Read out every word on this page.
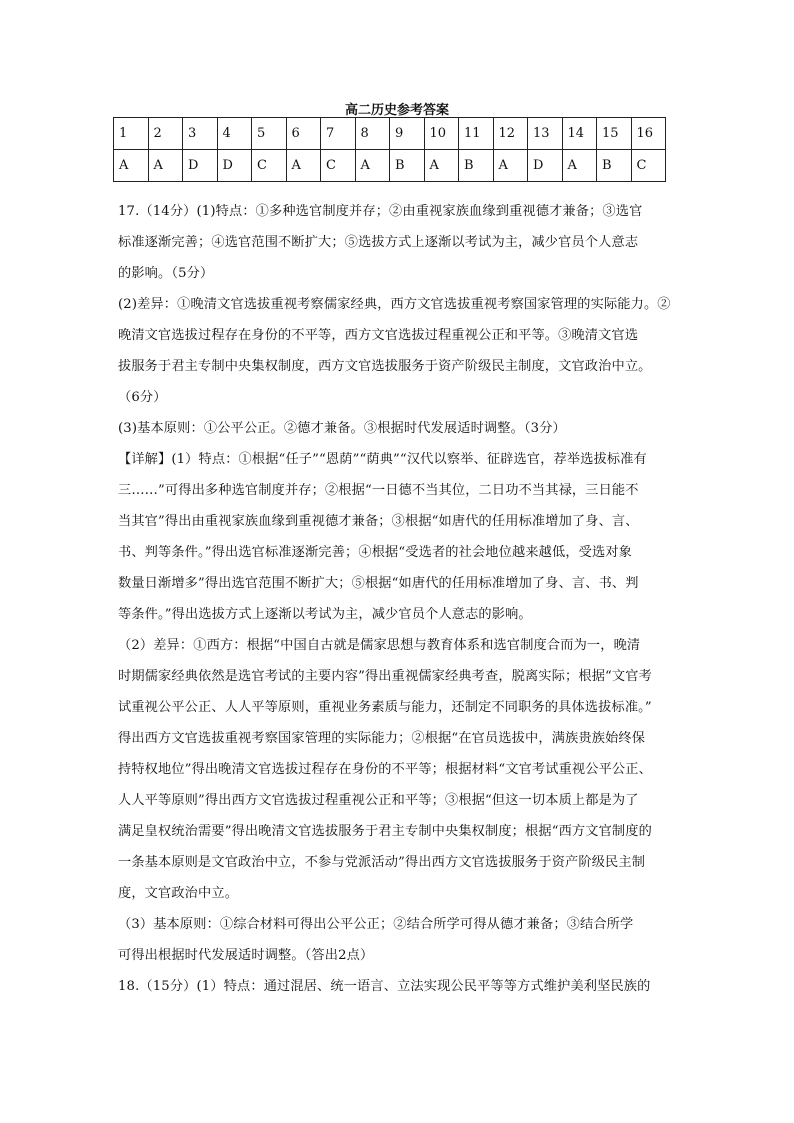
高二历史参考答案
1	2	3	4	5	6	7	8	9	10	11	12	13	14	15	16
A	A	D	D	C	A	C	A	B	A	B	A	D	A	B	C

17.（14分）(1)特点：①多种选官制度并存；②由重视家族血缘到重视德才兼备；③选官

标准逐渐完善；④选官范围不断扩大；⑤选拔方式上逐渐以考试为主，减少官员个人意志

的影响。（5分）

(2)差异：①晚清文官选拔重视考察儒家经典，西方文官选拔重视考察国家管理的实际能力。②

晚清文官选拔过程存在身份的不平等，西方文官选拔过程重视公正和平等。③晚清文官选

拔服务于君主专制中央集权制度，西方文官选拔服务于资产阶级民主制度，文官政治中立。

（6分）

(3)基本原则：①公平公正。②德才兼备。③根据时代发展适时调整。（3分）

【详解】(1）特点：①根据“任子”“恩荫”“荫典”“汉代以察举、征辟选官，荐举选拔标准有

三……”可得出多种选官制度并存；②根据“一日德不当其位，二日功不当其禄，三日能不

当其官”得出由重视家族血缘到重视德才兼备；③根据“如唐代的任用标准增加了身、言、

书、判等条件。”得出选官标准逐渐完善；④根据“受选者的社会地位越来越低，受选对象

数量日渐增多”得出选官范围不断扩大；⑤根据“如唐代的任用标准增加了身、言、书、判

等条件。”得出选拔方式上逐渐以考试为主，减少官员个人意志的影响。

（2）差异：①西方：根据“中国自古就是儒家思想与教育体系和选官制度合而为一，晚清

时期儒家经典依然是选官考试的主要内容”得出重视儒家经典考查，脱离实际；根据“文官考

试重视公平公正、人人平等原则，重视业务素质与能力，还制定不同职务的具体选拔标准。”

得出西方文官选拔重视考察国家管理的实际能力；②根据“在官员选拔中，满族贵族始终保

持特权地位”得出晚清文官选拔过程存在身份的不平等；根据材料“文官考试重视公平公正、

人人平等原则”得出西方文官选拔过程重视公正和平等；③根据“但这一切本质上都是为了

满足皇权统治需要”得出晚清文官选拔服务于君主专制中央集权制度；根据“西方文官制度的

一条基本原则是文官政治中立，不参与党派活动”得出西方文官选拔服务于资产阶级民主制

度，文官政治中立。

（3）基本原则：①综合材料可得出公平公正；②结合所学可得从德才兼备；③结合所学

可得出根据时代发展适时调整。（答出2点）

18.（15分）(1）特点：通过混居、统一语言、立法实现公民平等等方式维护美利坚民族的
